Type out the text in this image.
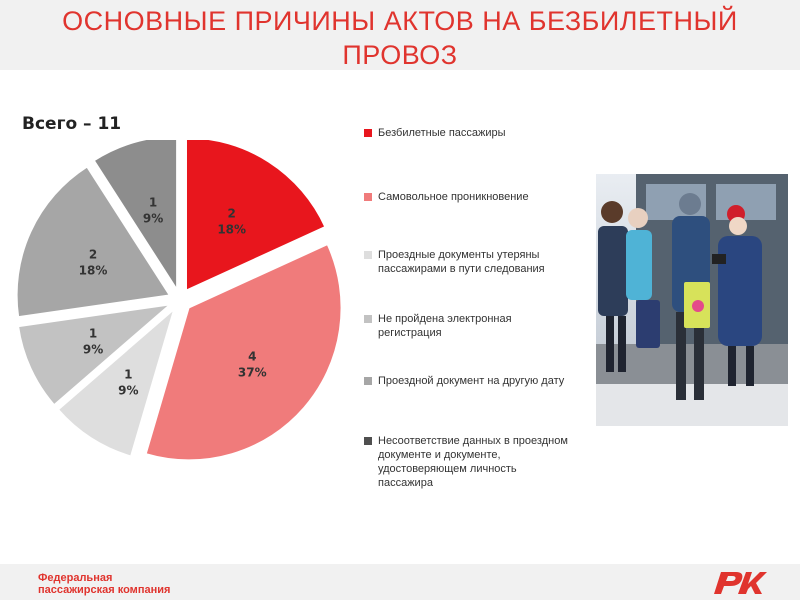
ОСНОВНЫЕ ПРИЧИНЫ АКТОВ НА БЕЗБИЛЕТНЫЙ
ПРОВОЗ
Всего – 11
2
18%
4
37%
1
9%
1
9%
2
18%
1
9%
Безбилетные пассажиры
Самовольное проникновение
Проездные документы утеряны
пассажирами в пути следования
Не пройдена электронная
регистрация
Проездной документ на другую дату
Несоответствие данных в проездном
документе и документе,
удостоверяющем личность
пассажира
Федеральная
пассажирская компания
